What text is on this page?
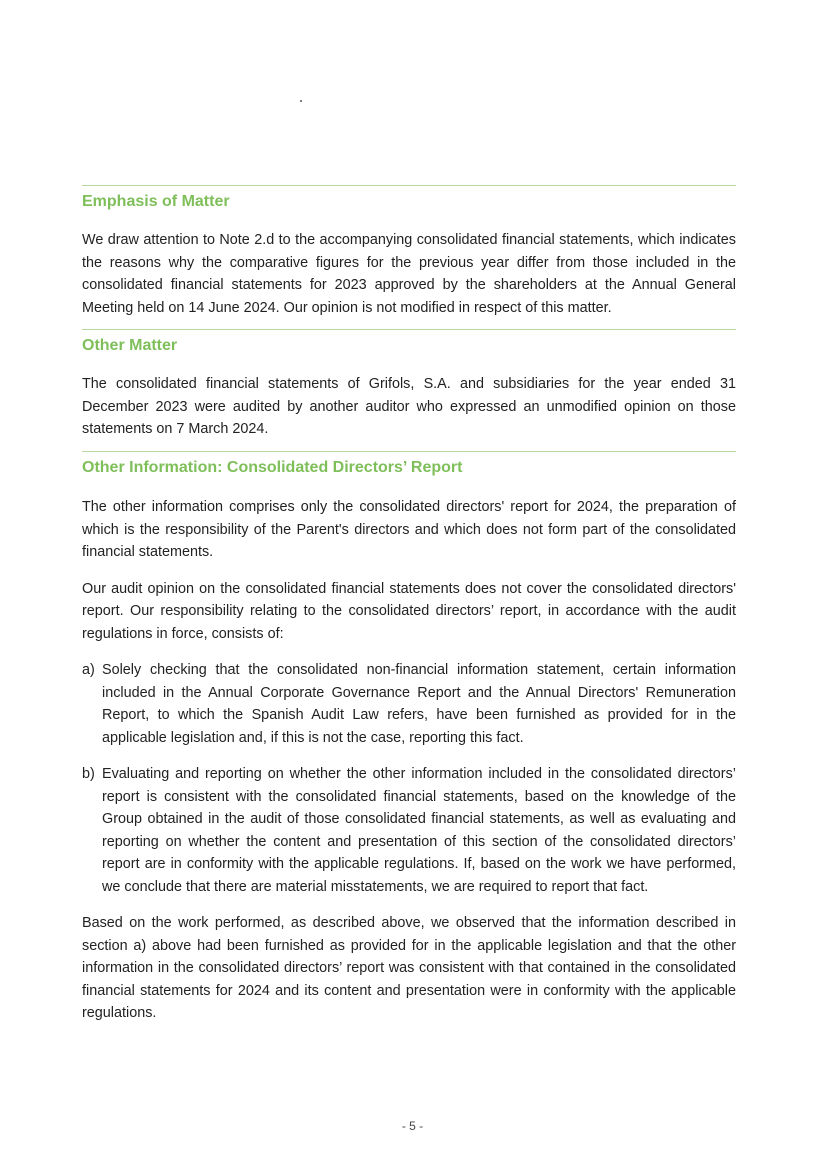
Emphasis of Matter

We draw attention to Note 2.d to the accompanying consolidated financial statements, which indicates the reasons why the comparative figures for the previous year differ from those included in the consolidated financial statements for 2023 approved by the shareholders at the Annual General Meeting held on 14 June 2024. Our opinion is not modified in respect of this matter.

Other Matter

The consolidated financial statements of Grifols, S.A. and subsidiaries for the year ended 31 December 2023 were audited by another auditor who expressed an unmodified opinion on those statements on 7 March 2024.

Other Information: Consolidated Directors’ Report

The other information comprises only the consolidated directors' report for 2024, the preparation of which is the responsibility of the Parent's directors and which does not form part of the consolidated financial statements.

Our audit opinion on the consolidated financial statements does not cover the consolidated directors' report. Our responsibility relating to the consolidated directors’ report, in accordance with the audit regulations in force, consists of:

a) Solely checking that the consolidated non-financial information statement, certain information included in the Annual Corporate Governance Report and the Annual Directors' Remuneration Report, to which the Spanish Audit Law refers, have been furnished as provided for in the applicable legislation and, if this is not the case, reporting this fact.
b) Evaluating and reporting on whether the other information included in the consolidated directors’ report is consistent with the consolidated financial statements, based on the knowledge of the Group obtained in the audit of those consolidated financial statements, as well as evaluating and reporting on whether the content and presentation of this section of the consolidated directors’ report are in conformity with the applicable regulations. If, based on the work we have performed, we conclude that there are material misstatements, we are required to report that fact.

Based on the work performed, as described above, we observed that the information described in section a) above had been furnished as provided for in the applicable legislation and that the other information in the consolidated directors’ report was consistent with that contained in the consolidated financial statements for 2024 and its content and presentation were in conformity with the applicable regulations.

- 5 -
